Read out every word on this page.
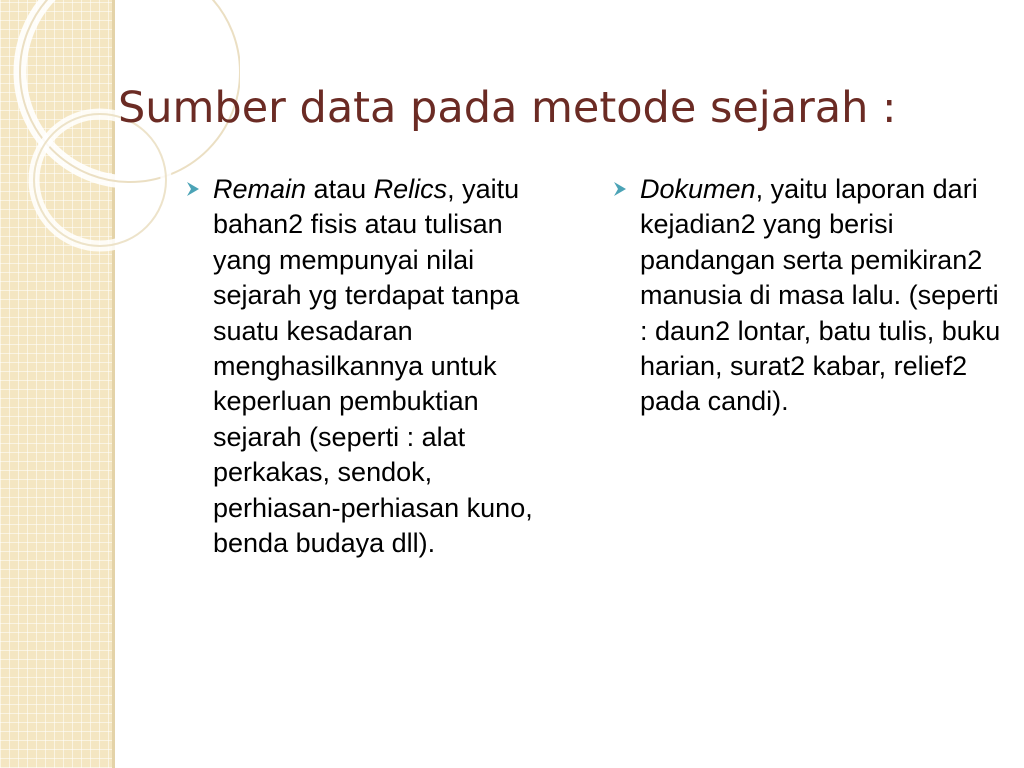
Sumber data pada metode sejarah :

Remain atau Relics, yaitu bahan2 fisis atau tulisan yang mempunyai nilai sejarah yg terdapat tanpa suatu kesadaran menghasilkannya untuk keperluan pembuktian sejarah (seperti : alat perkakas, sendok, perhiasan-perhiasan kuno, benda budaya dll).

Dokumen, yaitu laporan dari kejadian2 yang berisi pandangan serta pemikiran2 manusia di masa lalu. (seperti : daun2 lontar, batu tulis, buku harian, surat2 kabar, relief2 pada candi).
